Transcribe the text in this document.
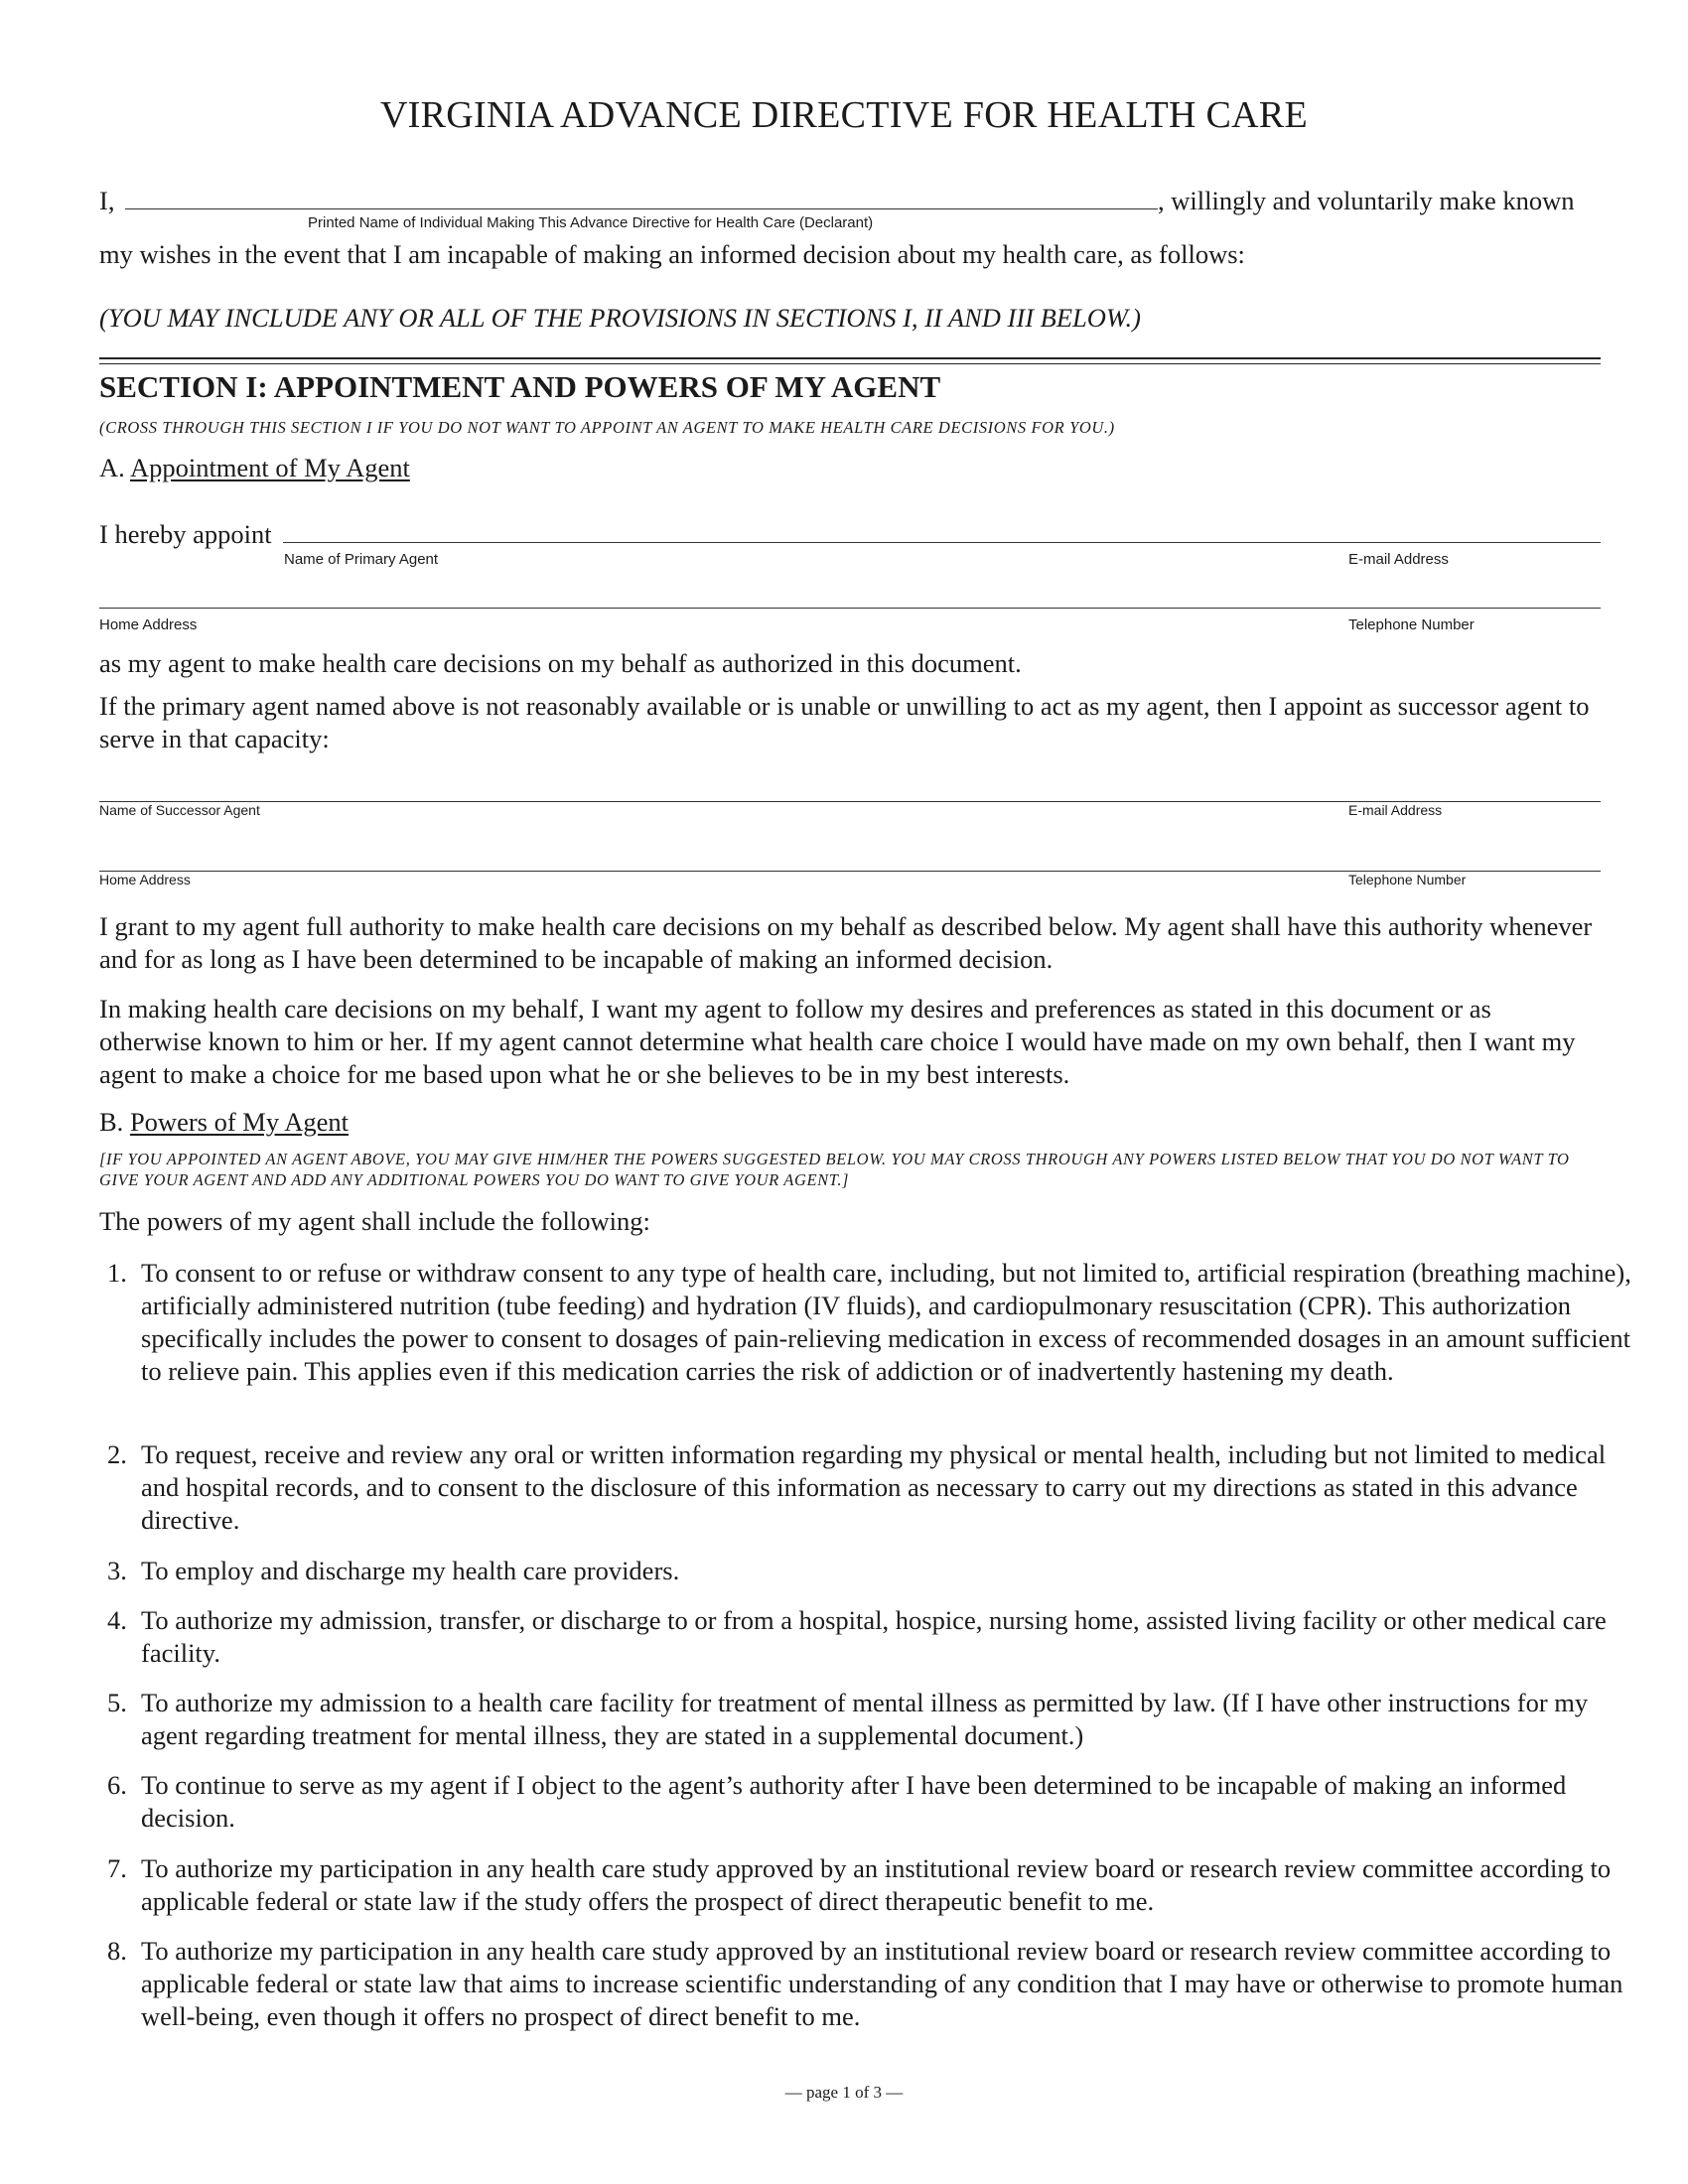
VIRGINIA ADVANCE DIRECTIVE FOR HEALTH CARE
I,	, willingly and voluntarily make known
Printed Name of Individual Making This Advance Directive for Health Care (Declarant)
my wishes in the event that I am incapable of making an informed decision about my health care, as follows:
(YOU MAY INCLUDE ANY OR ALL OF THE PROVISIONS IN SECTIONS I, II AND III BELOW.)
SECTION I: APPOINTMENT AND POWERS OF MY AGENT
(CROSS THROUGH THIS SECTION I IF YOU DO NOT WANT TO APPOINT AN AGENT TO MAKE HEALTH CARE DECISIONS FOR YOU.)
A. Appointment of My Agent
I hereby appoint
Name of Primary Agent	E-mail Address
Home Address	Telephone Number
as my agent to make health care decisions on my behalf as authorized in this document.
If the primary agent named above is not reasonably available or is unable or unwilling to act as my agent, then I appoint as successor agent to serve in that capacity:
Name of Successor Agent	E-mail Address
Home Address	Telephone Number
I grant to my agent full authority to make health care decisions on my behalf as described below. My agent shall have this authority whenever and for as long as I have been determined to be incapable of making an informed decision.
In making health care decisions on my behalf, I want my agent to follow my desires and preferences as stated in this document or as otherwise known to him or her. If my agent cannot determine what health care choice I would have made on my own behalf, then I want my agent to make a choice for me based upon what he or she believes to be in my best interests.
B. Powers of My Agent
[IF YOU APPOINTED AN AGENT ABOVE, YOU MAY GIVE HIM/HER THE POWERS SUGGESTED BELOW. YOU MAY CROSS THROUGH ANY POWERS LISTED BELOW THAT YOU DO NOT WANT TO GIVE YOUR AGENT AND ADD ANY ADDITIONAL POWERS YOU DO WANT TO GIVE YOUR AGENT.]
The powers of my agent shall include the following:
1. To consent to or refuse or withdraw consent to any type of health care, including, but not limited to, artificial respiration (breathing machine), artificially administered nutrition (tube feeding) and hydration (IV fluids), and cardiopulmonary resuscitation (CPR). This authorization specifically includes the power to consent to dosages of pain-relieving medication in excess of recommended dosages in an amount sufficient to relieve pain. This applies even if this medication carries the risk of addiction or of inadvertently hastening my death.
2. To request, receive and review any oral or written information regarding my physical or mental health, including but not limited to medical and hospital records, and to consent to the disclosure of this information as necessary to carry out my directions as stated in this advance directive.
3. To employ and discharge my health care providers.
4. To authorize my admission, transfer, or discharge to or from a hospital, hospice, nursing home, assisted living facility or other medical care facility.
5. To authorize my admission to a health care facility for treatment of mental illness as permitted by law. (If I have other instructions for my agent regarding treatment for mental illness, they are stated in a supplemental document.)
6. To continue to serve as my agent if I object to the agent’s authority after I have been determined to be incapable of making an informed decision.
7. To authorize my participation in any health care study approved by an institutional review board or research review committee according to applicable federal or state law if the study offers the prospect of direct therapeutic benefit to me.
8. To authorize my participation in any health care study approved by an institutional review board or research review committee according to applicable federal or state law that aims to increase scientific understanding of any condition that I may have or otherwise to promote human well-being, even though it offers no prospect of direct benefit to me.
— page 1 of 3 —
